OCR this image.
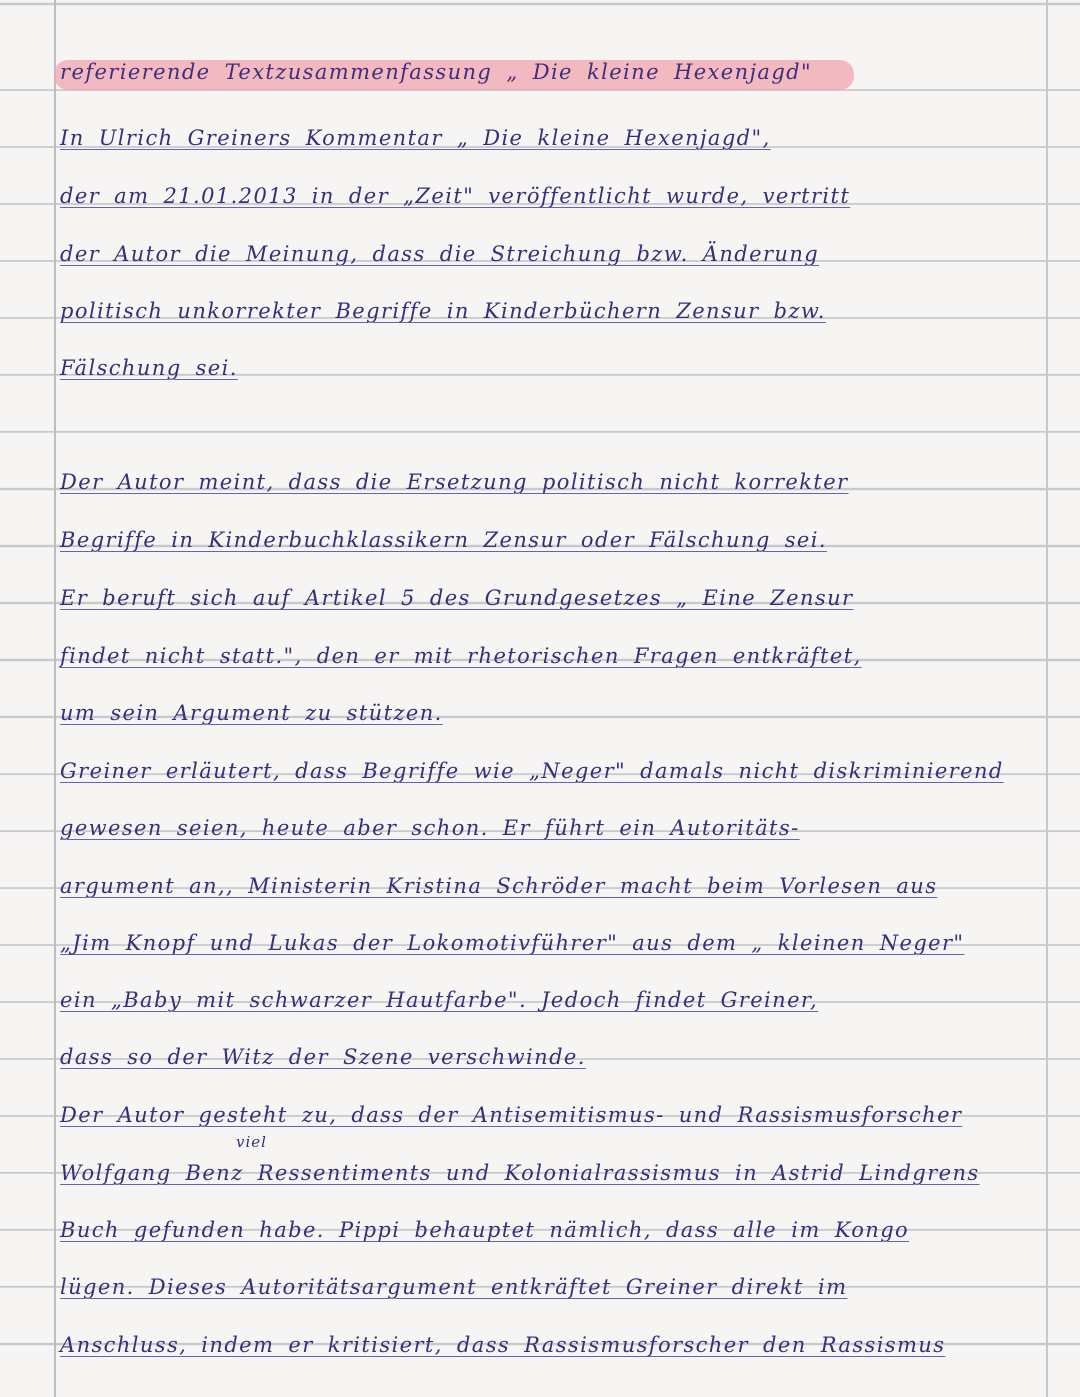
referierende Textzusammenfassung „ Die kleine Hexenjagd"
In Ulrich Greiners Kommentar „ Die kleine Hexenjagd",
der am 21.01.2013 in der „Zeit" veröffentlicht wurde, vertritt
der Autor die Meinung, dass die Streichung bzw. Änderung
politisch unkorrekter Begriffe in Kinderbüchern Zensur bzw.
Fälschung sei.
Der Autor meint, dass die Ersetzung politisch nicht korrekter
Begriffe in Kinderbuchklassikern Zensur oder Fälschung sei.
Er beruft sich auf Artikel 5 des Grundgesetzes „ Eine Zensur
findet nicht statt.", den er mit rhetorischen Fragen entkräftet,
um sein Argument zu stützen.
Greiner erläutert, dass Begriffe wie „Neger" damals nicht diskriminierend
gewesen seien, heute aber schon. Er führt ein Autoritäts-
argument an,, Ministerin Kristina Schröder macht beim Vorlesen aus
„Jim Knopf und Lukas der Lokomotivführer" aus dem „ kleinen Neger"
ein „Baby mit schwarzer Hautfarbe". Jedoch findet Greiner,
dass so der Witz der Szene verschwinde.
Der Autor gesteht zu, dass der Antisemitismus- und Rassismusforscher
viel
Wolfgang Benz Ressentiments und Kolonialrassismus in Astrid Lindgrens
Buch gefunden habe. Pippi behauptet nämlich, dass alle im Kongo
lügen. Dieses Autoritätsargument entkräftet Greiner direkt im
Anschluss, indem er kritisiert, dass Rassismusforscher den Rassismus
